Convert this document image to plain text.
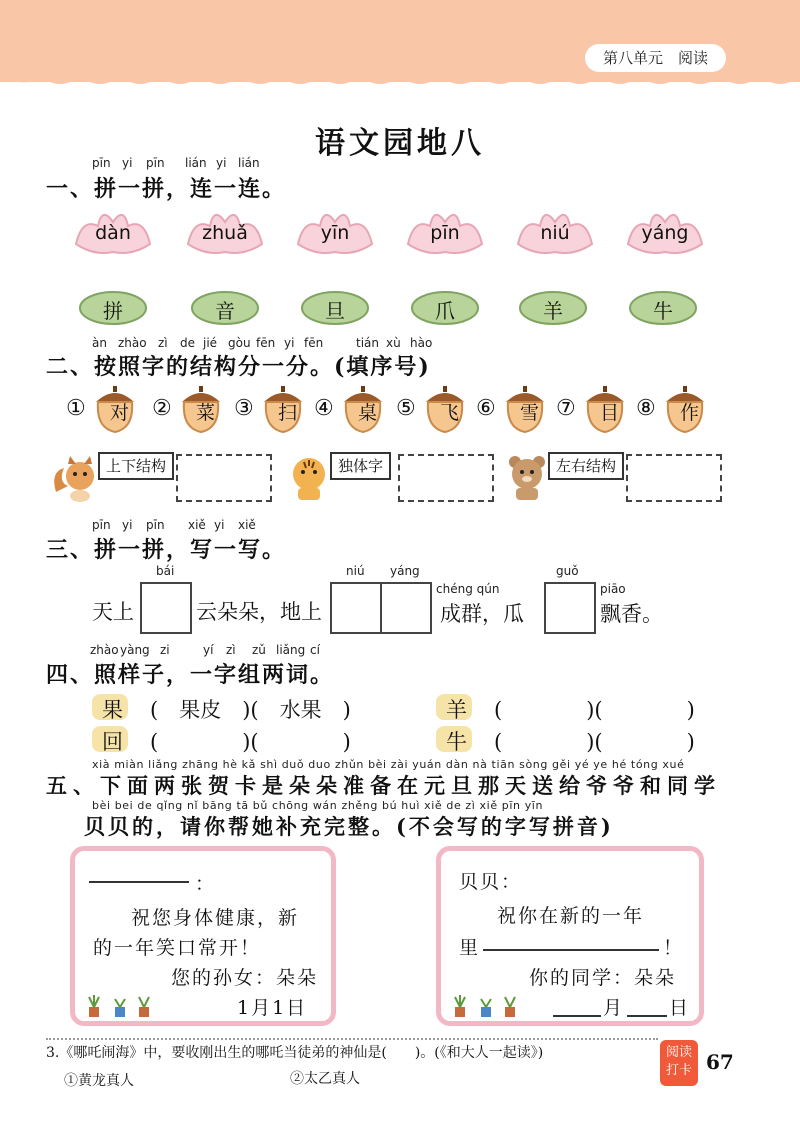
第八单元　阅读
语文园地八
pīn yi pīn lián yi lián
一、拼一拼，连一连。
dàn	zhuǎ	yīn	pīn	niú	yáng
拼	音	旦	爪	羊	牛
àn zhào zì de jié gòu fēn yi fēn	tián xù hào
二、按照字的结构分一分。(填序号)
① 对 ② 菜 ③ 扫 ④ 桌 ⑤ 飞 ⑥ 雪 ⑦ 目 ⑧ 作
上下结构	独体字	左右结构
pīn yi pīn xiě yi xiě
三、拼一拼，写一写。
bái	niú yáng
chéng qún
guǒ
piāo
天上	云朵朵，地上	成群，瓜	飘香。
zhào yàng zi	yí zì zǔ liǎng cí
四、照样子，一字组两词。
果 (　果皮　)(　水果　)
回 (　　　　)(　　　　)
羊 (　　　　)(　　　　)
牛 (　　　　)(　　　　)
xià miàn liǎng zhāng hè kǎ shì duǒ duo zhǔn bèi zài yuán dàn nà tiān sòng gěi yé ye hé tóng xué
五、下面两张贺卡是朵朵准备在元旦那天送给爷爷和同学
bèi bei de qǐng nǐ bāng tā bǔ chōng wán zhěng bú huì xiě de zì xiě pīn yīn
贝贝的，请你帮她补充完整。(不会写的字写拼音)
：
祝您身体健康，新
的一年笑口常开！
您的孙女：朵朵
1月1日
贝贝：
祝你在新的一年
里	！
你的同学：朵朵
月 日
3.《哪吒闹海》中，要收刚出生的哪吒当徒弟的神仙是(　　)。(《和大人一起读》)
①黄龙真人	②太乙真人
阅读
打卡 67
